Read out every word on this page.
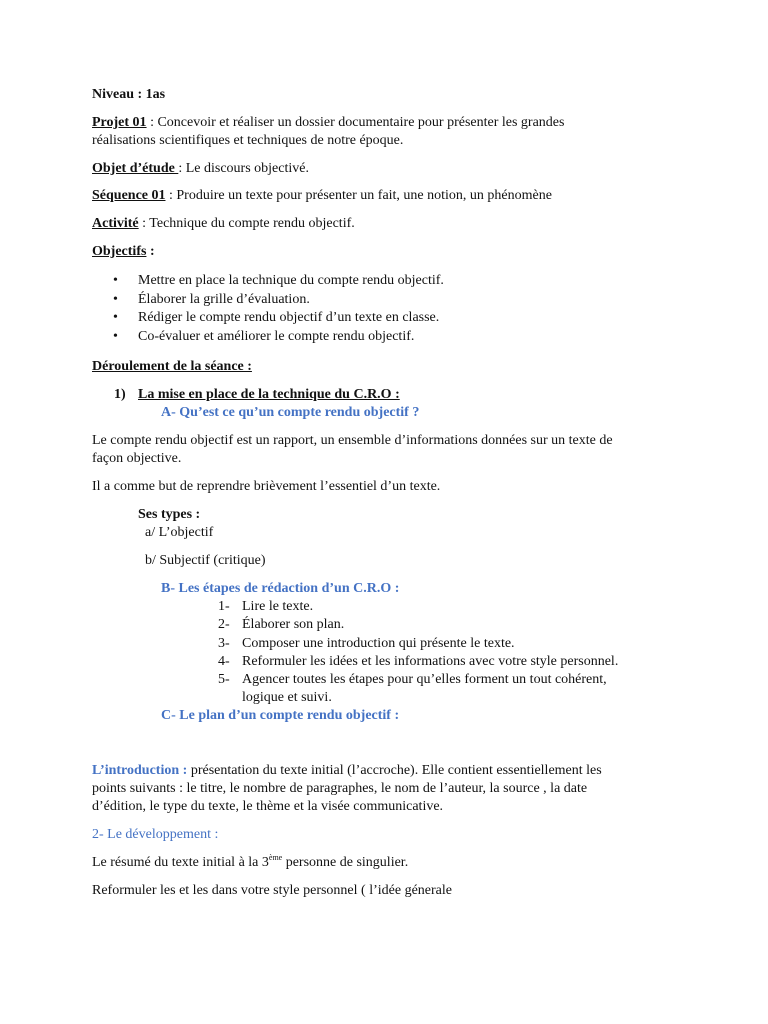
Niveau : 1as

Projet 01 : Concevoir et réaliser un dossier documentaire pour présenter les grandes

réalisations scientifiques et techniques de notre époque.

Objet d’étude : Le discours objectivé.

Séquence 01 : Produire un texte pour présenter un fait, une notion, un phénomène

Activité : Technique du compte rendu objectif.

Objectifs :

• Mettre en place la technique du compte rendu objectif.
• Élaborer la grille d’évaluation.
• Rédiger le compte rendu objectif d’un texte en classe.
• Co-évaluer et améliorer le compte rendu objectif.

Déroulement de la séance :

1) La mise en place de la technique du C.R.O :

A- Qu’est ce qu’un compte rendu objectif ?

Le compte rendu objectif est un rapport, un ensemble d’informations données sur un texte de

façon objective.

Il a comme but de reprendre brièvement l’essentiel d’un texte.

Ses types :

a/ L’objectif

b/ Subjectif (critique)

B- Les étapes de rédaction d’un C.R.O :

1- Lire le texte.
2- Élaborer son plan.
3- Composer une introduction qui présente le texte.
4- Reformuler les idées et les informations avec votre style personnel.
5- Agencer toutes les étapes pour qu’elles forment un tout cohérent,
logique et suivi.

C- Le plan d’un compte rendu objectif :

L’introduction : présentation du texte initial (l’accroche). Elle contient essentiellement les

points suivants : le titre, le nombre de paragraphes, le nom de l’auteur, la source , la date

d’édition, le type du texte, le thème et la visée communicative.

2- Le développement :

Le résumé du texte initial à la 3ème personne de singulier.

Reformuler les et les dans votre style personnel ( l’idée génerale
